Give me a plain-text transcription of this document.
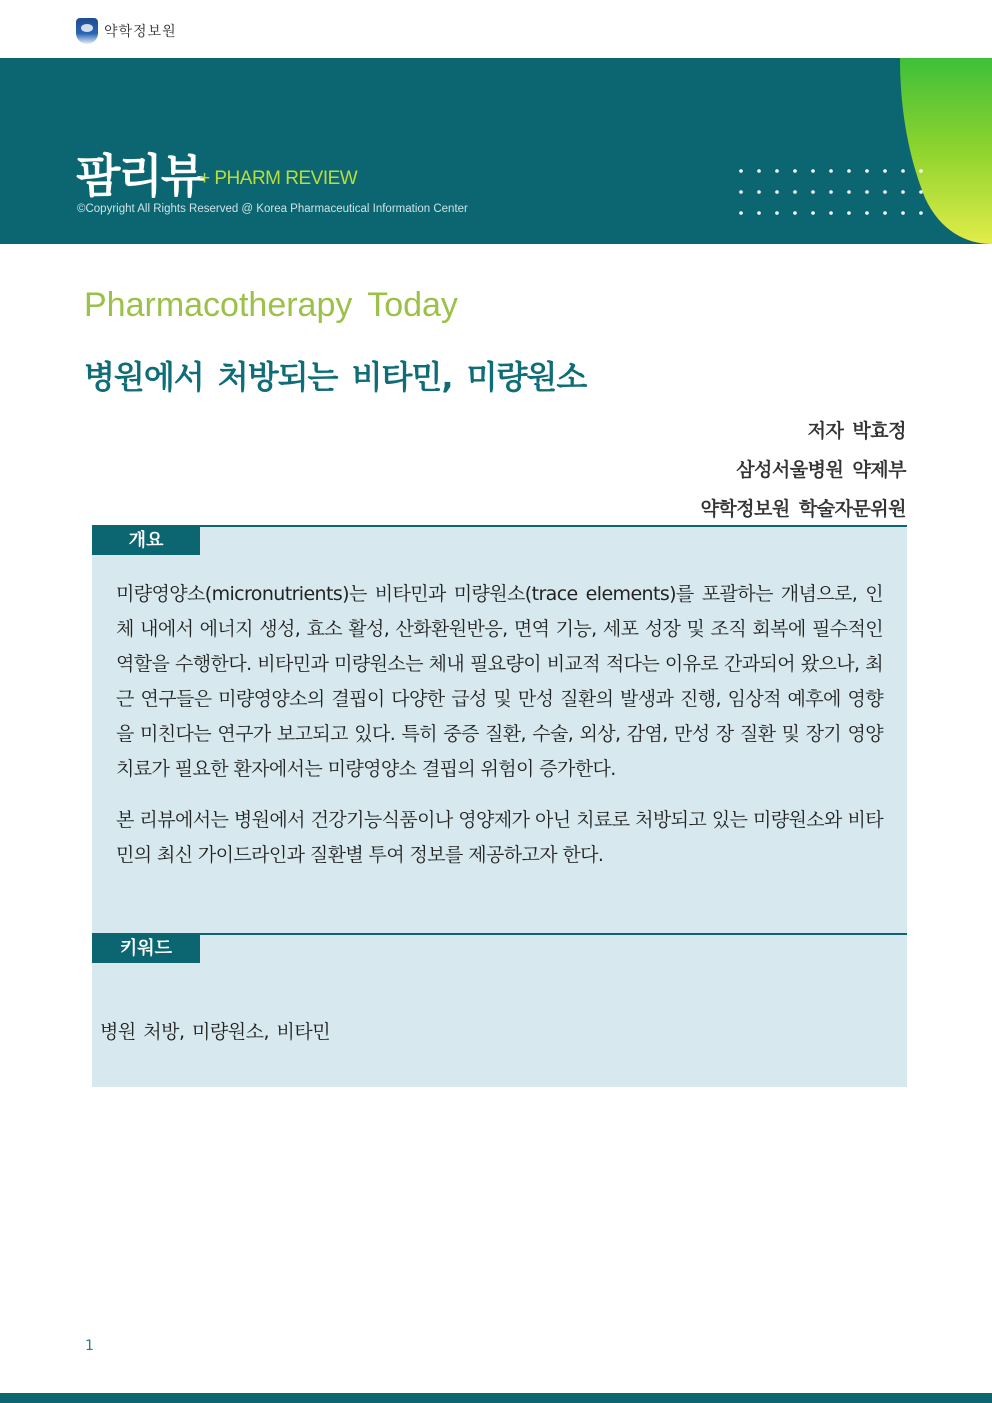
약학정보원
팜리뷰
+ PHARM REVIEW
©Copyright All Rights Reserved @ Korea Pharmaceutical Information Center
Pharmacotherapy Today
병원에서 처방되는 비타민, 미량원소
저자 박효정
삼성서울병원 약제부
약학정보원 학술자문위원
개요

미량영양소(micronutrients)는 비타민과 미량원소(trace elements)를 포괄하는 개념으로, 인체 내에서 에너지 생성, 효소 활성, 산화환원반응, 면역 기능, 세포 성장 및 조직 회복에 필수적인 역할을 수행한다. 비타민과 미량원소는 체내 필요량이 비교적 적다는 이유로 간과되어 왔으나, 최근 연구들은 미량영양소의 결핍이 다양한 급성 및 만성 질환의 발생과 진행, 임상적 예후에 영향을 미친다는 연구가 보고되고 있다. 특히 중증 질환, 수술, 외상, 감염, 만성 장 질환 및 장기 영양치료가 필요한 환자에서는 미량영양소 결핍의 위험이 증가한다.

본 리뷰에서는 병원에서 건강기능식품이나 영양제가 아닌 치료로 처방되고 있는 미량원소와 비타민의 최신 가이드라인과 질환별 투여 정보를 제공하고자 한다.

키워드
병원 처방, 미량원소, 비타민
1
